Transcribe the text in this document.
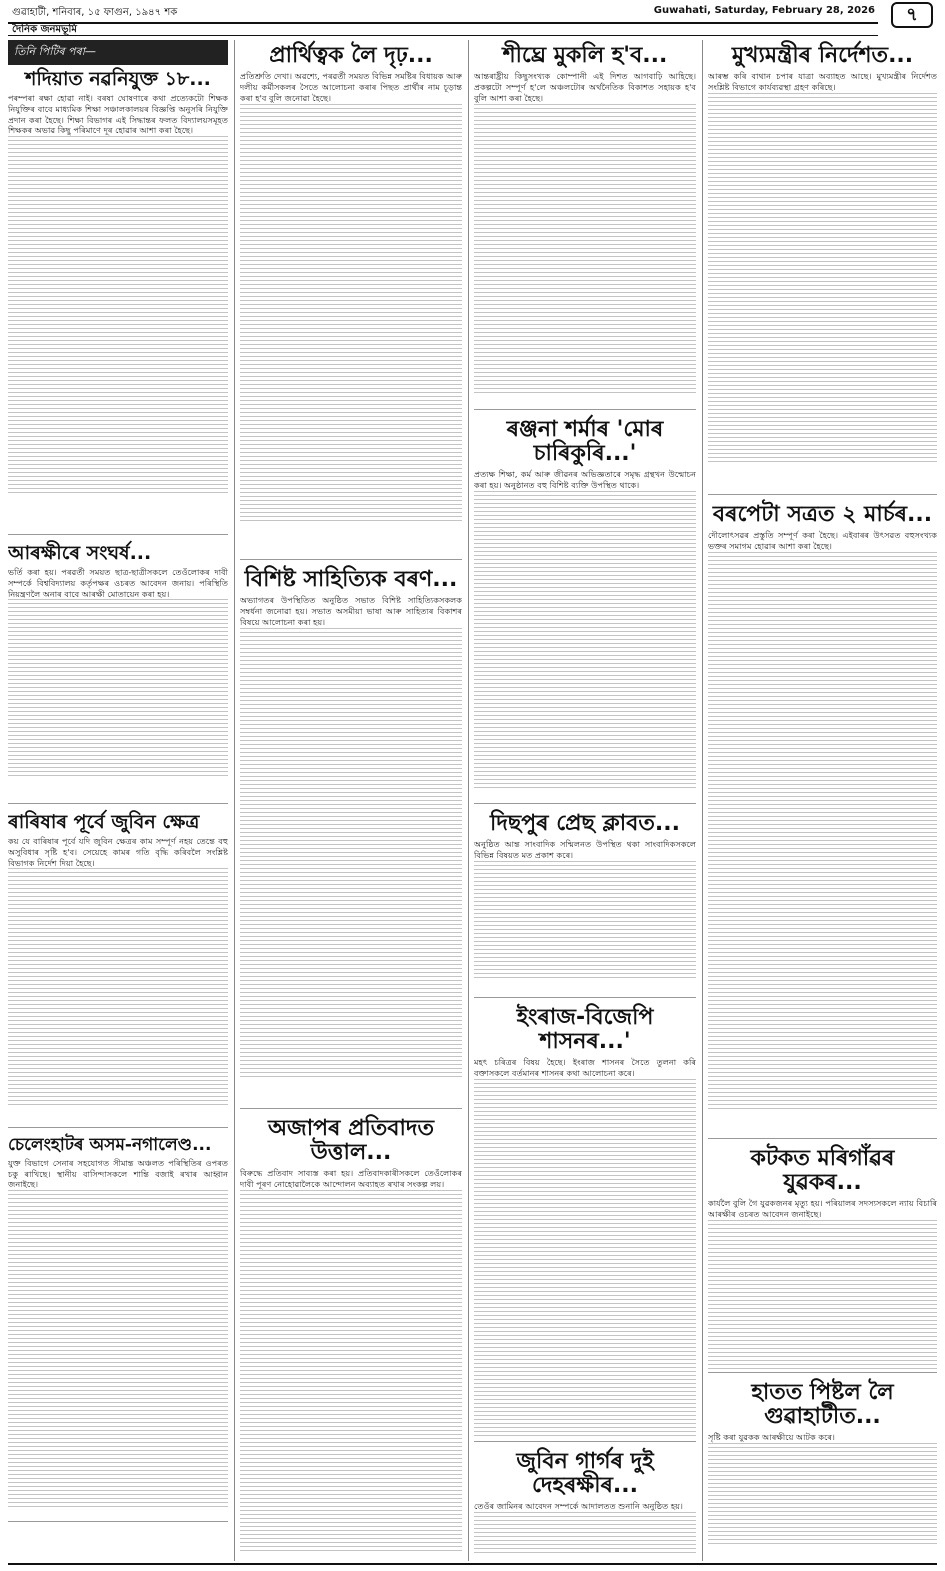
গুৱাহাটী, শনিবাৰ, ১৫ ফাগুন, ১৯৪৭ শক	Guwahati, Saturday, February 28, 2026	৭
দৈনিক জনমভূমি
তিনি পিটিৰ পৰা—
শদিয়াত নৱনিযুক্ত ১৮...

পৰম্পৰা ৰক্ষা হোৱা নাই। বৰষা ঘোষণাৰে কথা প্ৰত্যেকটো শিক্ষক নিযুক্তিৰ বাবে মাধ্যমিক শিক্ষা সঞ্চালকালয়ৰ বিজ্ঞপ্তি অনুসৰি নিযুক্তি প্ৰদান কৰা হৈছে। শিক্ষা বিভাগৰ এই সিদ্ধান্তৰ ফলত বিদ্যালয়সমূহত শিক্ষকৰ অভাৱ কিছু পৰিমাণে দূৰ হোৱাৰ আশা কৰা হৈছে।

আৰক্ষীৰে সংঘৰ্ষ...

ভৰ্তি কৰা হয়। পৰৱৰ্তী সময়ত ছাত্ৰ-ছাত্ৰীসকলে তেওঁলোকৰ দাবী সম্পৰ্কে বিশ্ববিদ্যালয় কৰ্তৃপক্ষৰ ওচৰত আবেদন জনায়। পৰিস্থিতি নিয়ন্ত্ৰণলৈ অনাৰ বাবে আৰক্ষী মোতায়েন কৰা হয়।

ৰাৰিষাৰ পূৰ্বে জুবিন ক্ষেত্ৰ

কয় যে বাৰিষাৰ পূৰ্বে যদি জুবিন ক্ষেত্ৰৰ কাম সম্পূৰ্ণ নহয় তেন্তে বহু অসুবিধাৰ সৃষ্টি হ'ব। সেয়েহে কামৰ গতি বৃদ্ধি কৰিবলৈ সংশ্লিষ্ট বিভাগক নিৰ্দেশ দিয়া হৈছে।

চেলেংহাটৰ অসম-নগালেণ্ড...

যুক্ত বিভাগে সেনাৰ সহযোগত সীমান্ত অঞ্চলত পৰিস্থিতিৰ ওপৰত চকু ৰাখিছে। স্থানীয় বাসিন্দাসকলে শান্তি বজাই ৰখাৰ আহ্বান জনাইছে।

প্ৰাৰ্থিত্বক লৈ দৃঢ়...

প্ৰতিশ্ৰুতি দেখা। অৱশ্যে, পৰৱৰ্তী সময়ত বিভিন্ন সমষ্টিৰ বিধায়ক আৰু দলীয় কৰ্মীসকলৰ সৈতে আলোচনা কৰাৰ পিছত প্ৰাৰ্থীৰ নাম চূড়ান্ত কৰা হ'ব বুলি জনোৱা হৈছে।

বিশিষ্ট সাহিত্যিক বৰণ...

অভ্যাগতৰ উপস্থিতিত অনুষ্ঠিত সভাত বিশিষ্ট সাহিত্যিকসকলক সম্বৰ্ধনা জনোৱা হয়। সভাত অসমীয়া ভাষা আৰু সাহিত্যৰ বিকাশৰ বিষয়ে আলোচনা কৰা হয়।

অজাপৰ প্ৰতিবাদত উত্তাল...

বিৰুদ্ধে প্ৰতিবাদ সাব্যস্ত কৰা হয়। প্ৰতিবাদকাৰীসকলে তেওঁলোকৰ দাবী পূৰণ নোহোৱালৈকে আন্দোলন অব্যাহত ৰখাৰ সংকল্প লয়।

শীঘ্ৰে মুকলি হ'ব...

আন্তৰাষ্ট্ৰীয় কিছুসংখ্যক কোম্পানী এই দিশত আগবাঢ়ি আহিছে। প্ৰকল্পটো সম্পূৰ্ণ হ'লে অঞ্চলটোৰ অৰ্থনৈতিক বিকাশত সহায়ক হ'ব বুলি আশা কৰা হৈছে।

ৰঞ্জনা শৰ্মাৰ 'মোৰ চাৰিকুৰি...'

প্ৰত্যক্ষ শিক্ষা, কৰ্ম আৰু জীৱনৰ অভিজ্ঞতাৰে সমৃদ্ধ গ্ৰন্থখন উন্মোচন কৰা হয়। অনুষ্ঠানত বহু বিশিষ্ট ব্যক্তি উপস্থিত থাকে।

দিছপুৰ প্ৰেছ ক্লাবত...

অনুষ্ঠিত আন্ত সাংবাদিক সন্মিলনত উপস্থিত থকা সাংবাদিকসকলে বিভিন্ন বিষয়ত মত প্ৰকাশ কৰে।

ইংৰাজ-বিজেপি শাসনৰ...'

মহৎ চৰিত্ৰৰ বিষয় হৈছে। ইংৰাজ শাসনৰ সৈতে তুলনা কৰি বক্তাসকলে বৰ্তমানৰ শাসনৰ কথা আলোচনা কৰে।

জুবিন গাৰ্গৰ দুই দেহৰক্ষীৰ...

তেওঁৰ জামিনৰ আবেদন সম্পৰ্কে আদালতত শুনানি অনুষ্ঠিত হয়।

মুখ্যমন্ত্ৰীৰ নিৰ্দেশত...

আৰম্ভ কৰি বাথান চপাৰ যাত্ৰা অব্যাহত আছে। মুখ্যমন্ত্ৰীৰ নিৰ্দেশত সংশ্লিষ্ট বিভাগে কাৰ্যব্যৱস্থা গ্ৰহণ কৰিছে।

বৰপেটা সত্ৰত ২ মাৰ্চৰ...

দৌলোৎসৱৰ প্ৰস্তুতি সম্পূৰ্ণ কৰা হৈছে। এইবাৰৰ উৎসৱত বহুসংখ্যক ভক্তৰ সমাগম হোৱাৰ আশা কৰা হৈছে।

কটকত মৰিগাঁৱৰ যুৱকৰ...

কাৰ্যলৈ বুলি গৈ যুৱকজনৰ মৃত্যু হয়। পৰিয়ালৰ সদস্যসকলে ন্যায় বিচাৰি আৰক্ষীৰ ওচৰত আবেদন জনাইছে।

হাতত পিষ্টল লৈ গুৱাহাটীত...

সৃষ্টি কৰা যুৱকক আৰক্ষীয়ে আটক কৰে।
